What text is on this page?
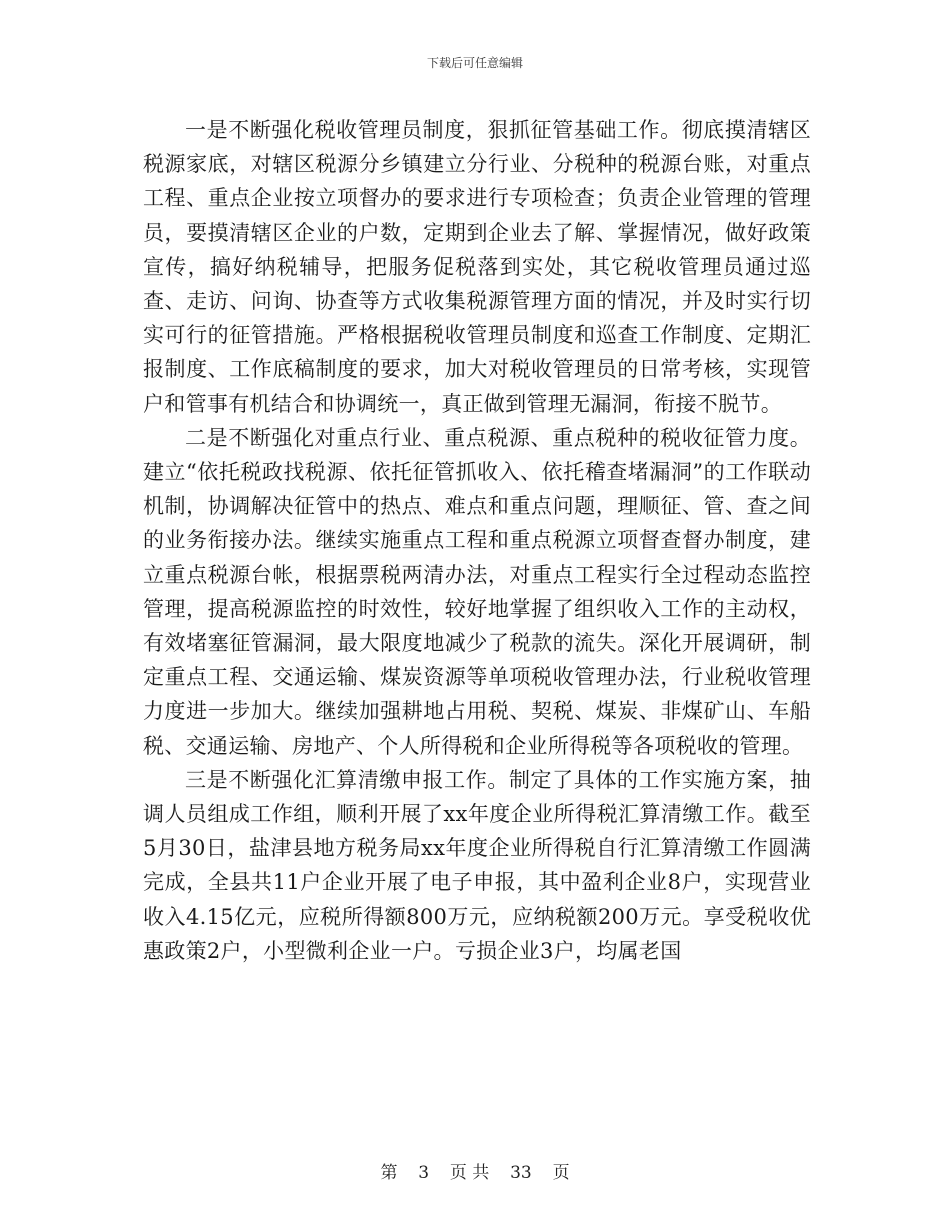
下载后可任意编辑

一是不断强化税收管理员制度，狠抓征管基础工作。彻底摸清辖区税源家底，对辖区税源分乡镇建立分行业、分税种的税源台账，对重点工程、重点企业按立项督办的要求进行专项检查；负责企业管理的管理员，要摸清辖区企业的户数，定期到企业去了解、掌握情况，做好政策宣传，搞好纳税辅导，把服务促税落到实处，其它税收管理员通过巡查、走访、问询、协查等方式收集税源管理方面的情况，并及时实行切实可行的征管措施。严格根据税收管理员制度和巡查工作制度、定期汇报制度、工作底稿制度的要求，加大对税收管理员的日常考核，实现管户和管事有机结合和协调统一，真正做到管理无漏洞，衔接不脱节。

二是不断强化对重点行业、重点税源、重点税种的税收征管力度。建立“依托税政找税源、依托征管抓收入、依托稽查堵漏洞”的工作联动机制，协调解决征管中的热点、难点和重点问题，理顺征、管、查之间的业务衔接办法。继续实施重点工程和重点税源立项督查督办制度，建立重点税源台帐，根据票税两清办法，对重点工程实行全过程动态监控管理，提高税源监控的时效性，较好地掌握了组织收入工作的主动权，有效堵塞征管漏洞，最大限度地减少了税款的流失。深化开展调研，制定重点工程、交通运输、煤炭资源等单项税收管理办法，行业税收管理力度进一步加大。继续加强耕地占用税、契税、煤炭、非煤矿山、车船税、交通运输、房地产、个人所得税和企业所得税等各项税收的管理。

三是不断强化汇算清缴申报工作。制定了具体的工作实施方案，抽调人员组成工作组，顺利开展了xx年度企业所得税汇算清缴工作。截至5月30日，盐津县地方税务局xx年度企业所得税自行汇算清缴工作圆满完成，全县共11户企业开展了电子申报，其中盈利企业8户，实现营业收入4.15亿元，应税所得额800万元，应纳税额200万元。享受税收优惠政策2户，小型微利企业一户。亏损企业3户，均属老国

第 3 页 共 33 页
